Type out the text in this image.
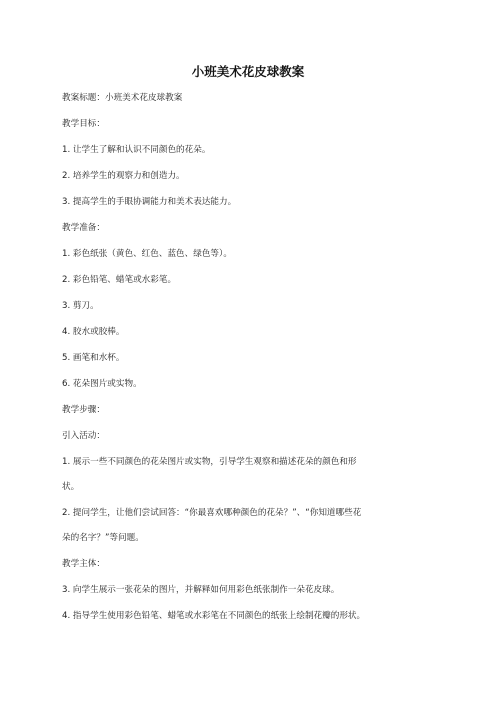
小班美术花皮球教案
教案标题：小班美术花皮球教案
教学目标：
1. 让学生了解和认识不同颜色的花朵。
2. 培养学生的观察力和创造力。
3. 提高学生的手眼协调能力和美术表达能力。
教学准备：
1. 彩色纸张（黄色、红色、蓝色、绿色等）。
2. 彩色铅笔、蜡笔或水彩笔。
3. 剪刀。
4. 胶水或胶棒。
5. 画笔和水杯。
6. 花朵图片或实物。
教学步骤：
引入活动：
1. 展示一些不同颜色的花朵图片或实物，引导学生观察和描述花朵的颜色和形
状。
2. 提问学生，让他们尝试回答：“你最喜欢哪种颜色的花朵？”、“你知道哪些花
朵的名字？”等问题。
教学主体：
3. 向学生展示一张花朵的图片，并解释如何用彩色纸张制作一朵花皮球。
4. 指导学生使用彩色铅笔、蜡笔或水彩笔在不同颜色的纸张上绘制花瓣的形状。
